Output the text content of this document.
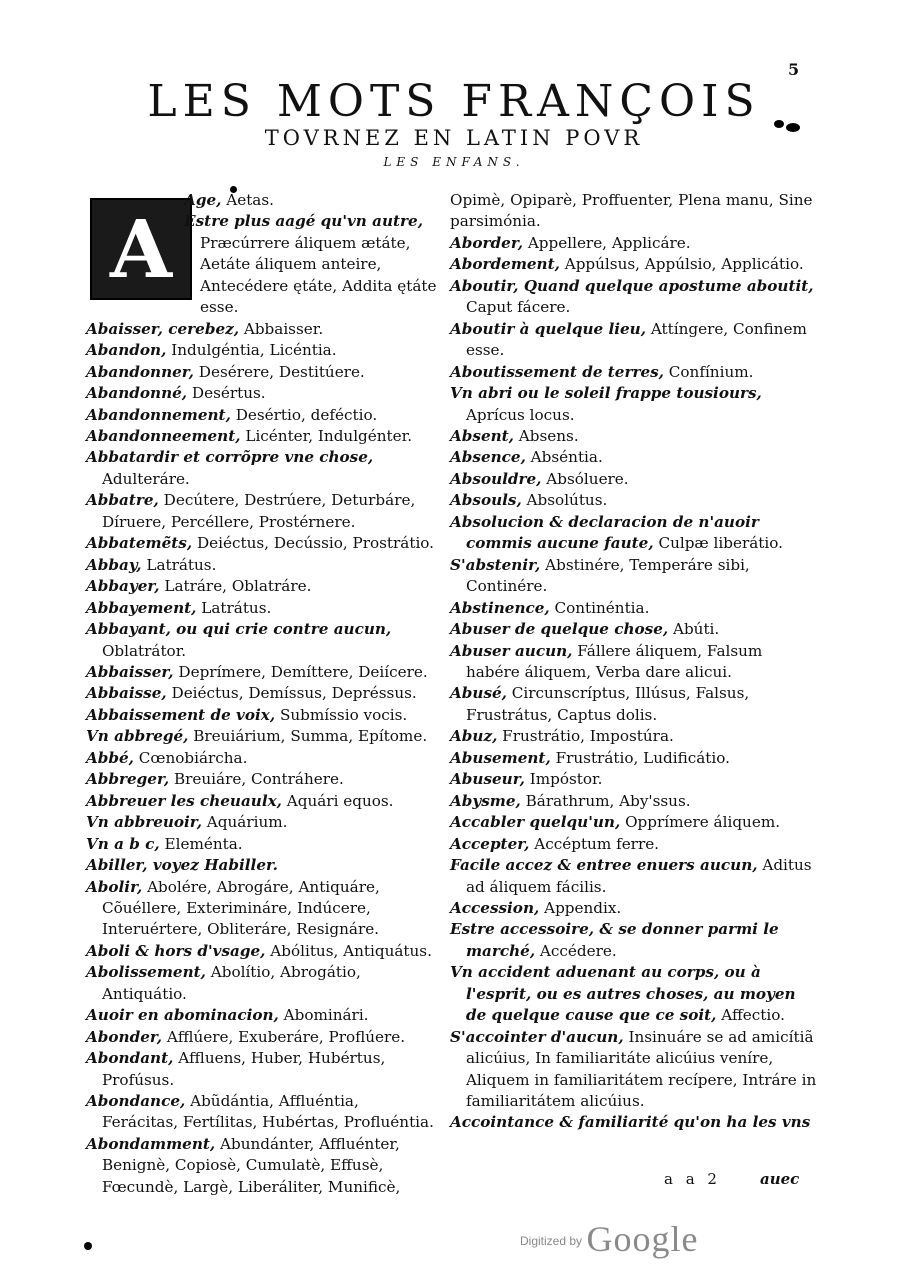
5
LES MOTS FRANÇOIS
TOVRNEZ EN LATIN POVR
LES ENFANS.
A
Age, Aetas.
Estre plus aagé qu'vn autre, Præcúrrere áliquem ætáte, Aetáte áliquem anteire, Antecédere ętáte, Addita ętáte esse.
Abaisser, cerebez, Abbaisser.
Abandon, Indulgéntia, Licéntia.
Abandonner, Desérere, Destitúere.
Abandonné, Desértus.
Abandonnement, Desértio, deféctio.
Abandonneement, Licénter, Indulgénter.
Abbatardir et corrõpre vne chose, Adulteráre.
Abbatre, Decútere, Destrúere, Deturbáre, Díruere, Percéllere, Prostérnere.
Abbatemẽts, Deiéctus, Decússio, Prostrátio.
Abbay, Latrátus.
Abbayer, Latráre, Oblatráre.
Abbayement, Latrátus.
Abbayant, ou qui crie contre aucun, Oblatrátor.
Abbaisser, Deprímere, Demíttere, Deiícere.
Abbaisse, Deiéctus, Demíssus, Depréssus.
Abbaissement de voix, Submíssio vocis.
Vn abbregé, Breuiárium, Summa, Epítome.
Abbé, Cœnobiárcha.
Abbreger, Breuiáre, Contráhere.
Abbreuer les cheuaulx, Aquári equos.
Vn abbreuoir, Aquárium.
Vn a b c, Eleménta.
Abiller, voyez Habiller.
Abolir, Abolére, Abrogáre, Antiquáre, Cõuéllere, Exterimináre, Indúcere, Interuértere, Obliteráre, Resignáre.
Aboli & hors d'vsage, Abólitus, Antiquátus.
Abolissement, Abolítio, Abrogátio, Antiquátio.
Auoir en abominacion, Abominári.
Abonder, Afflúere, Exuberáre, Proflúere.
Abondant, Affluens, Huber, Hubértus, Profúsus.
Abondance, Abũdántia, Affluéntia, Ferácitas, Fertílitas, Hubértas, Profluéntia.
Abondamment, Abundánter, Affluénter, Benignè, Copiosè, Cumulatè, Effusè, Fœcundè, Largè, Liberáliter, Munificè,
Opimè, Opiparè, Proffuenter, Plena manu, Sine parsimónia.
Aborder, Appellere, Applicáre.
Abordement, Appúlsus, Appúlsio, Applicátio.
Aboutir, Quand quelque apostume aboutit, Caput fácere.
Aboutir à quelque lieu, Attíngere, Confinem esse.
Aboutissement de terres, Confínium.
Vn abri ou le soleil frappe tousiours, Aprícus locus.
Absent, Absens.
Absence, Abséntia.
Absouldre, Absóluere.
Absouls, Absolútus.
Absolucion & declaracion de n'auoir commis aucune faute, Culpæ liberátio.
S'abstenir, Abstinére, Temperáre sibi, Continére.
Abstinence, Continéntia.
Abuser de quelque chose, Abúti.
Abuser aucun, Fállere áliquem, Falsum habére áliquem, Verba dare alicui.
Abusé, Circunscríptus, Illúsus, Falsus, Frustrátus, Captus dolis.
Abuz, Frustrátio, Impostúra.
Abusement, Frustrátio, Ludificátio.
Abuseur, Impóstor.
Abysme, Bárathrum, Aby'ssus.
Accabler quelqu'un, Opprímere áliquem.
Accepter, Accéptum ferre.
Facile accez & entree enuers aucun, Aditus ad áliquem fácilis.
Accession, Appendix.
Estre accessoire, & se donner parmi le marché, Accédere.
Vn accident aduenant au corps, ou à l'esprit, ou es autres choses, au moyen de quelque cause que ce soit, Affectio.
S'accointer d'aucun, Insinuáre se ad amicítiã alicúius, In familiaritáte alicúius veníre, Aliquem in familiaritátem recípere, Intráre in familiaritátem alicúius.
Accointance & familiarité qu'on ha les vns
a a 2	auec
Digitized by Google
